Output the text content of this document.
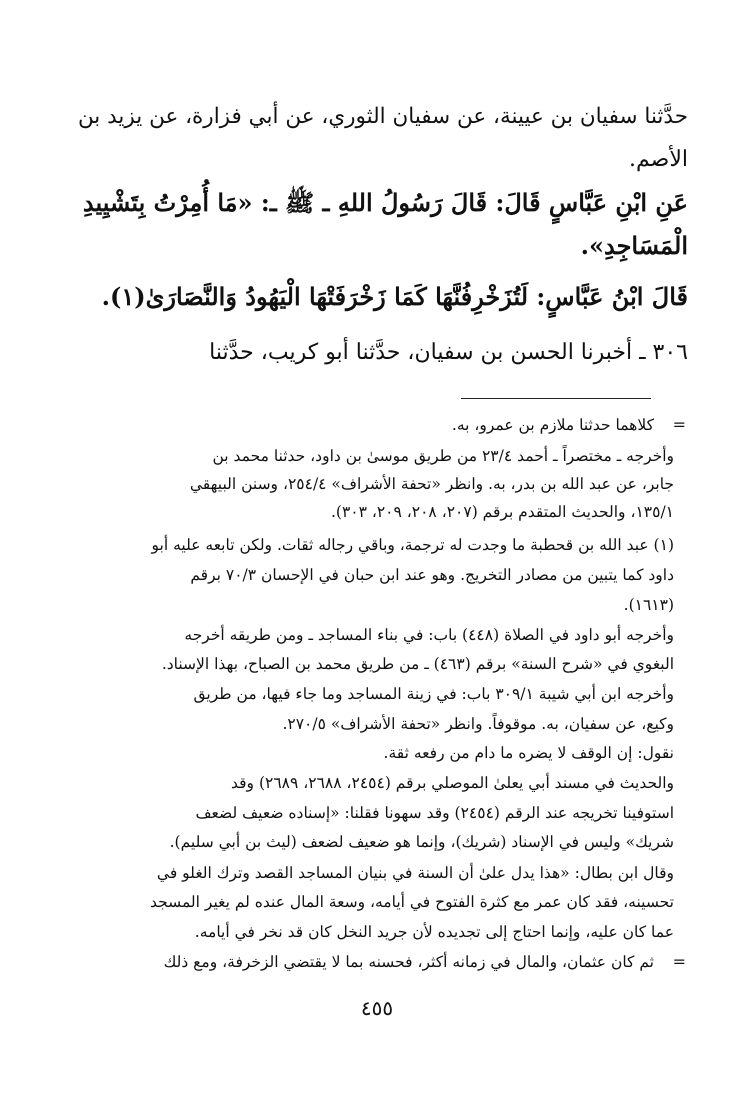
حدَّثنا سفيان بن عيينة، عن سفيان الثوري، عن أبي فزارة، عن يزيد بن
الأصم.
عَنِ ابْنِ عَبَّاسٍ قَالَ: قَالَ رَسُولُ اللهِ ـ ﷺ ـ: «مَا أُمِرْتُ بِتَشْيِيدِ
الْمَسَاجِدِ».
قَالَ ابْنُ عَبَّاسٍ: لَتُزَخْرِفُنَّهَا كَمَا زَخْرَفَتْهَا الْيَهُودُ وَالنَّصَارَىٰ(١).
٣٠٦ ـ أخبرنا الحسن بن سفيان، حدَّثنا أبو كريب، حدَّثنا
=
كلاهما حدثنا ملازم بن عمرو، به.
وأخرجه ـ مختصراً ـ أحمد ٢٣/٤ من طريق موسىٰ بن داود، حدثنا محمد بن
جابر، عن عبد الله بن بدر، به. وانظر «تحفة الأشراف» ٢٥٤/٤، وسنن البيهقي
١٣٥/١، والحديث المتقدم برقم (٢٠٧، ٢٠٨، ٢٠٩، ٣٠٣).
(١) عبد الله بن قحطبة ما وجدت له ترجمة، وباقي رجاله ثقات. ولكن تابعه عليه أبو
داود كما يتبين من مصادر التخريج. وهو عند ابن حبان في الإحسان ٧٠/٣ برقم
(١٦١٣).
وأخرجه أبو داود في الصلاة (٤٤٨) باب: في بناء المساجد ـ ومن طريقه أخرجه
البغوي في «شرح السنة» برقم (٤٦٣) ـ من طريق محمد بن الصباح، بهذا الإسناد.
وأخرجه ابن أبي شيبة ٣٠٩/١ باب: في زينة المساجد وما جاء فيها، من طريق
وكيع، عن سفيان، به. موقوفاً. وانظر «تحفة الأشراف» ٢٧٠/٥.
نقول: إن الوقف لا يضره ما دام من رفعه ثقة.
والحديث في مسند أبي يعلىٰ الموصلي برقم (٢٤٥٤، ٢٦٨٨، ٢٦٨٩) وقد
استوفينا تخريجه عند الرقم (٢٤٥٤) وقد سهونا فقلنا: «إسناده ضعيف لضعف
شريك» وليس في الإسناد (شريك)، وإنما هو ضعيف لضعف (ليث بن أبي سليم).
وقال ابن بطال: «هذا يدل علىٰ أن السنة في بنيان المساجد القصد وترك الغلو في
تحسينه، فقد كان عمر مع كثرة الفتوح في أيامه، وسعة المال عنده لم يغير المسجد
عما كان عليه، وإنما احتاج إلى تجديده لأن جريد النخل كان قد نخر في أيامه.
ثم كان عثمان، والمال في زمانه أكثر، فحسنه بما لا يقتضي الزخرفة، ومع ذلك =
٤٥٥
